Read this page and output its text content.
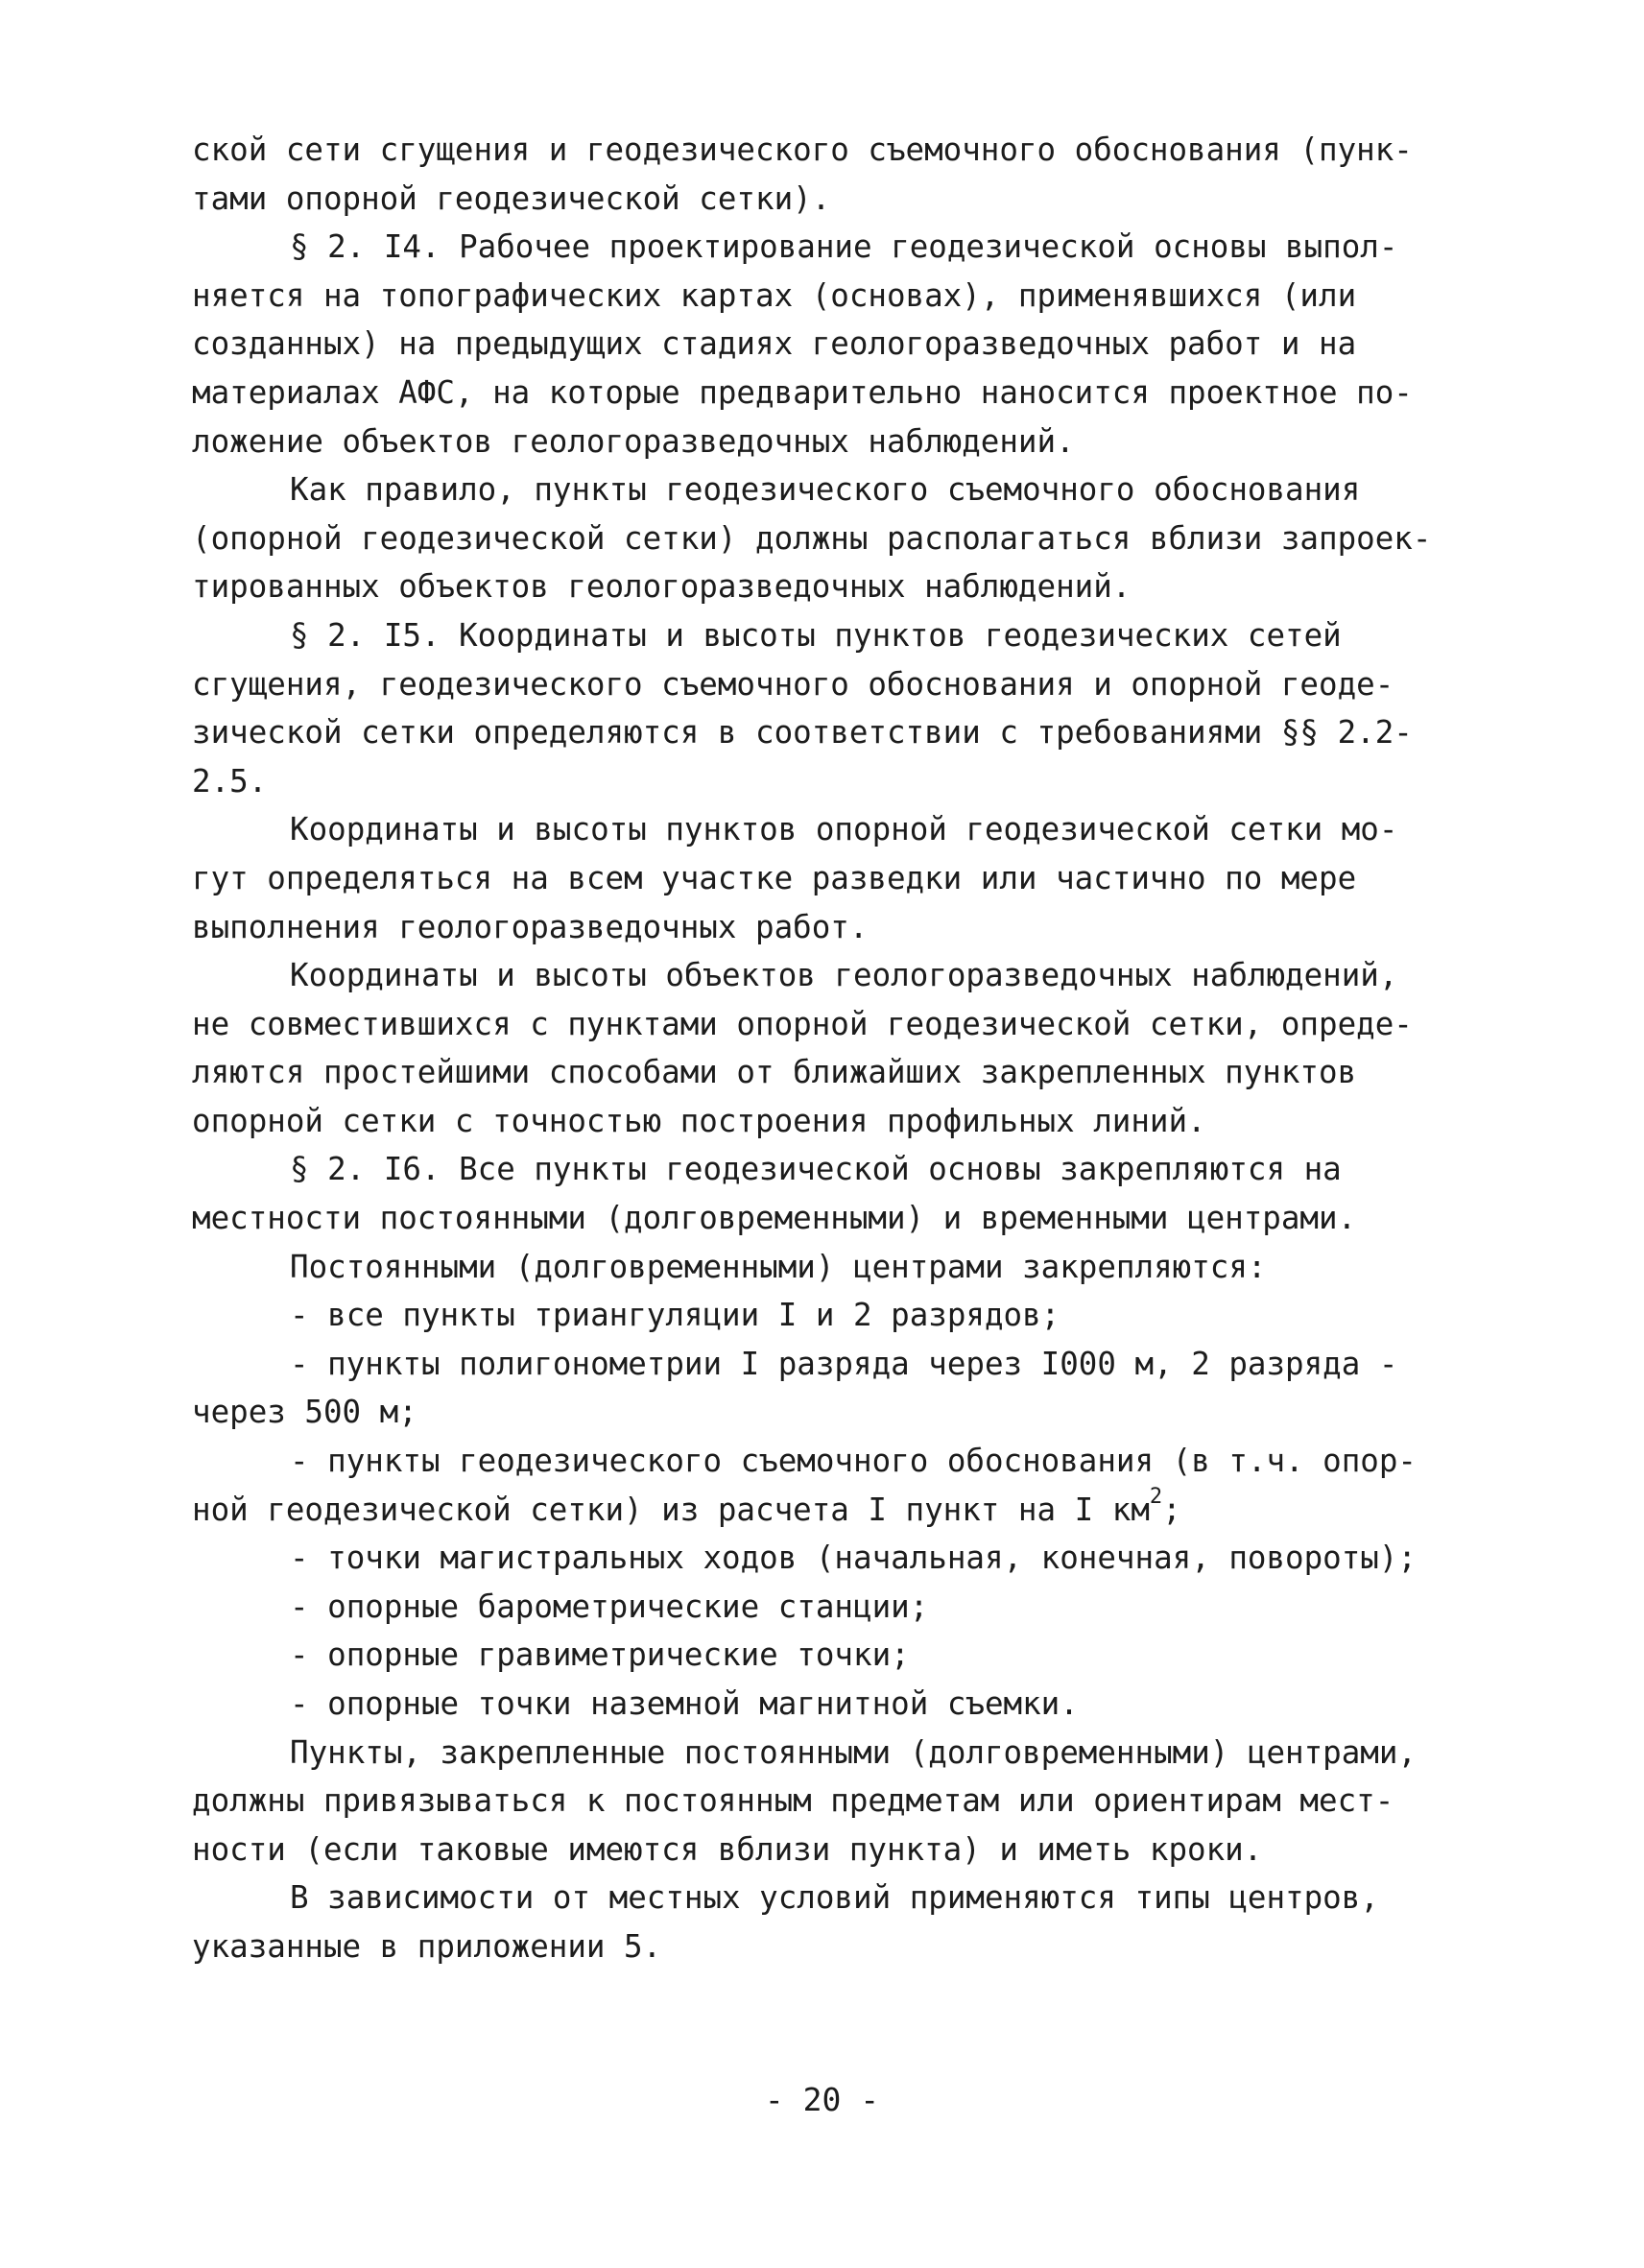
ской сети сгущения и геодезического съемочного обоснования (пунк-
тами опорной геодезической сетки).
§ 2. I4. Рабочее проектирование геодезической основы выпол-
няется на топографических картах (основах), применявшихся (или
созданных) на предыдущих стадиях геологоразведочных работ и на
материалах АФС, на которые предварительно наносится проектное по-
ложение объектов геологоразведочных наблюдений.
Как правило, пункты геодезического съемочного обоснования
(опорной геодезической сетки) должны располагаться вблизи запроек-
тированных объектов геологоразведочных наблюдений.
§ 2. I5. Координаты и высоты пунктов геодезических сетей
сгущения, геодезического съемочного обоснования и опорной геоде-
зической сетки определяются в соответствии с требованиями §§ 2.2-
2.5.
Координаты и высоты пунктов опорной геодезической сетки мо-
гут определяться на всем участке разведки или частично по мере
выполнения геологоразведочных работ.
Координаты и высоты объектов геологоразведочных наблюдений,
не совместившихся с пунктами опорной геодезической сетки, опреде-
ляются простейшими способами от ближайших закрепленных пунктов
опорной сетки с точностью построения профильных линий.
§ 2. I6. Все пункты геодезической основы закрепляются на
местности постоянными (долговременными) и временными центрами.
Постоянными (долговременными) центрами закрепляются:
- все пункты триангуляции I и 2 разрядов;
- пункты полигонометрии I разряда через I000 м, 2 разряда -
через 500 м;
- пункты геодезического съемочного обоснования (в т.ч. опор-
ной геодезической сетки) из расчета I пункт на I $км^2$;
- точки магистральных ходов (начальная, конечная, повороты);
- опорные барометрические станции;
- опорные гравиметрические точки;
- опорные точки наземной магнитной съемки.
Пункты, закрепленные постоянными (долговременными) центрами,
должны привязываться к постоянным предметам или ориентирам мест-
ности (если таковые имеются вблизи пункта) и иметь кроки.
В зависимости от местных условий применяются типы центров,
указанные в приложении 5.
- 20 -
